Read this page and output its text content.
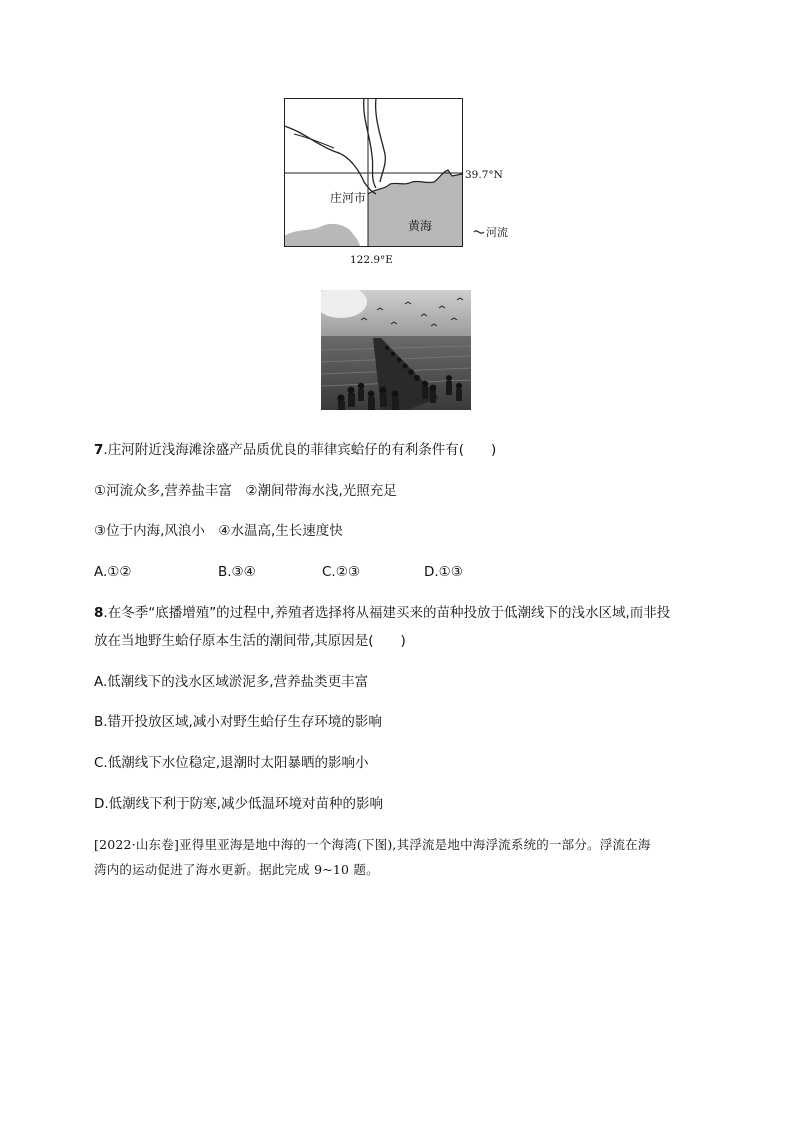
庄河市
黄海
39.7°N
122.9°E
河流
7.庄河附近浅海滩涂盛产品质优良的菲律宾蛤仔的有利条件有(　　)
①河流众多,营养盐丰富　②潮间带海水浅,光照充足
③位于内海,风浪小　④水温高,生长速度快
A.①②	B.③④	C.②③	D.①③
8.在冬季“底播增殖”的过程中,养殖者选择将从福建买来的苗种投放于低潮线下的浅水区域,而非投
放在当地野生蛤仔原本生活的潮间带,其原因是(　　)
A.低潮线下的浅水区域淤泥多,营养盐类更丰富
B.错开投放区域,减小对野生蛤仔生存环境的影响
C.低潮线下水位稳定,退潮时太阳暴晒的影响小
D.低潮线下利于防寒,减少低温环境对苗种的影响
[2022·山东卷]亚得里亚海是地中海的一个海湾(下图),其浮流是地中海浮流系统的一部分。浮流在海
湾内的运动促进了海水更新。据此完成 9~10 题。
